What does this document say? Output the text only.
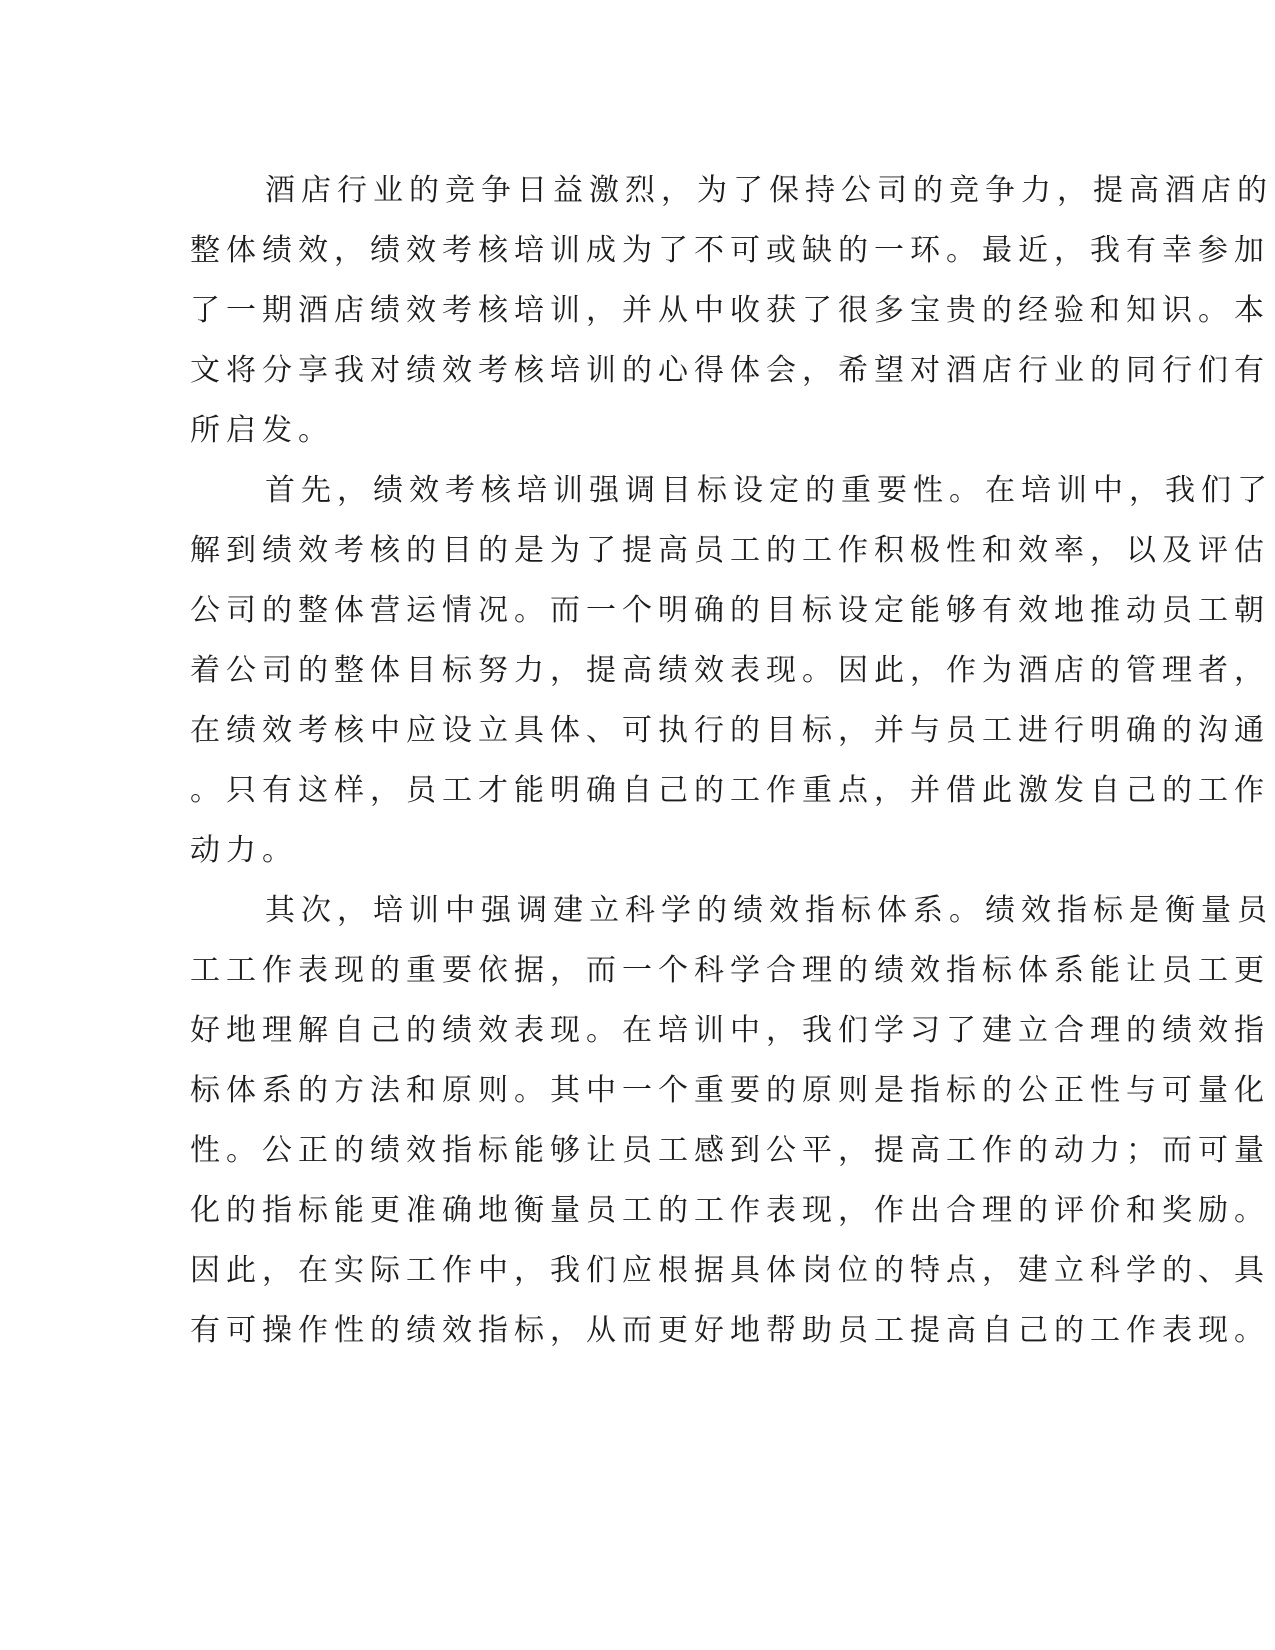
酒店行业的竞争日益激烈，为了保持公司的竞争力，提高酒店的
整体绩效，绩效考核培训成为了不可或缺的一环。最近，我有幸参加
了一期酒店绩效考核培训，并从中收获了很多宝贵的经验和知识。本
文将分享我对绩效考核培训的心得体会，希望对酒店行业的同行们有
所启发。
首先，绩效考核培训强调目标设定的重要性。在培训中，我们了
解到绩效考核的目的是为了提高员工的工作积极性和效率，以及评估
公司的整体营运情况。而一个明确的目标设定能够有效地推动员工朝
着公司的整体目标努力，提高绩效表现。因此，作为酒店的管理者，
在绩效考核中应设立具体、可执行的目标，并与员工进行明确的沟通
。只有这样，员工才能明确自己的工作重点，并借此激发自己的工作
动力。
其次，培训中强调建立科学的绩效指标体系。绩效指标是衡量员
工工作表现的重要依据，而一个科学合理的绩效指标体系能让员工更
好地理解自己的绩效表现。在培训中，我们学习了建立合理的绩效指
标体系的方法和原则。其中一个重要的原则是指标的公正性与可量化
性。公正的绩效指标能够让员工感到公平，提高工作的动力；而可量
化的指标能更准确地衡量员工的工作表现，作出合理的评价和奖励。
因此，在实际工作中，我们应根据具体岗位的特点，建立科学的、具
有可操作性的绩效指标，从而更好地帮助员工提高自己的工作表现。
